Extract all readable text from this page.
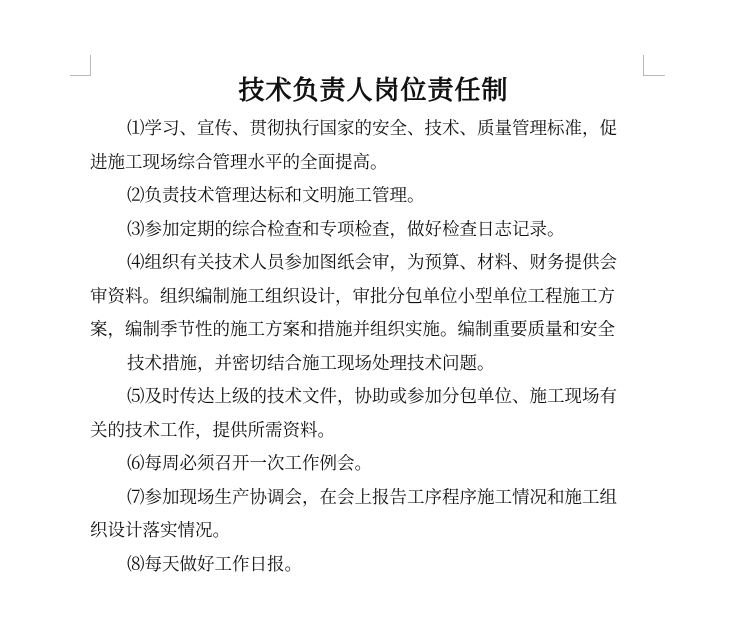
技术负责人岗位责任制
⑴学习、宣传、贯彻执行国家的安全、技术、质量管理标准，促
进施工现场综合管理水平的全面提高。
⑵负责技术管理达标和文明施工管理。
⑶参加定期的综合检查和专项检查，做好检查日志记录。
⑷组织有关技术人员参加图纸会审，为预算、材料、财务提供会
审资料。组织编制施工组织设计，审批分包单位小型单位工程施工方
案，编制季节性的施工方案和措施并组织实施。编制重要质量和安全
技术措施，并密切结合施工现场处理技术问题。
⑸及时传达上级的技术文件，协助或参加分包单位、施工现场有
关的技术工作，提供所需资料。
⑹每周必须召开一次工作例会。
⑺参加现场生产协调会，在会上报告工序程序施工情况和施工组
织设计落实情况。
⑻每天做好工作日报。
